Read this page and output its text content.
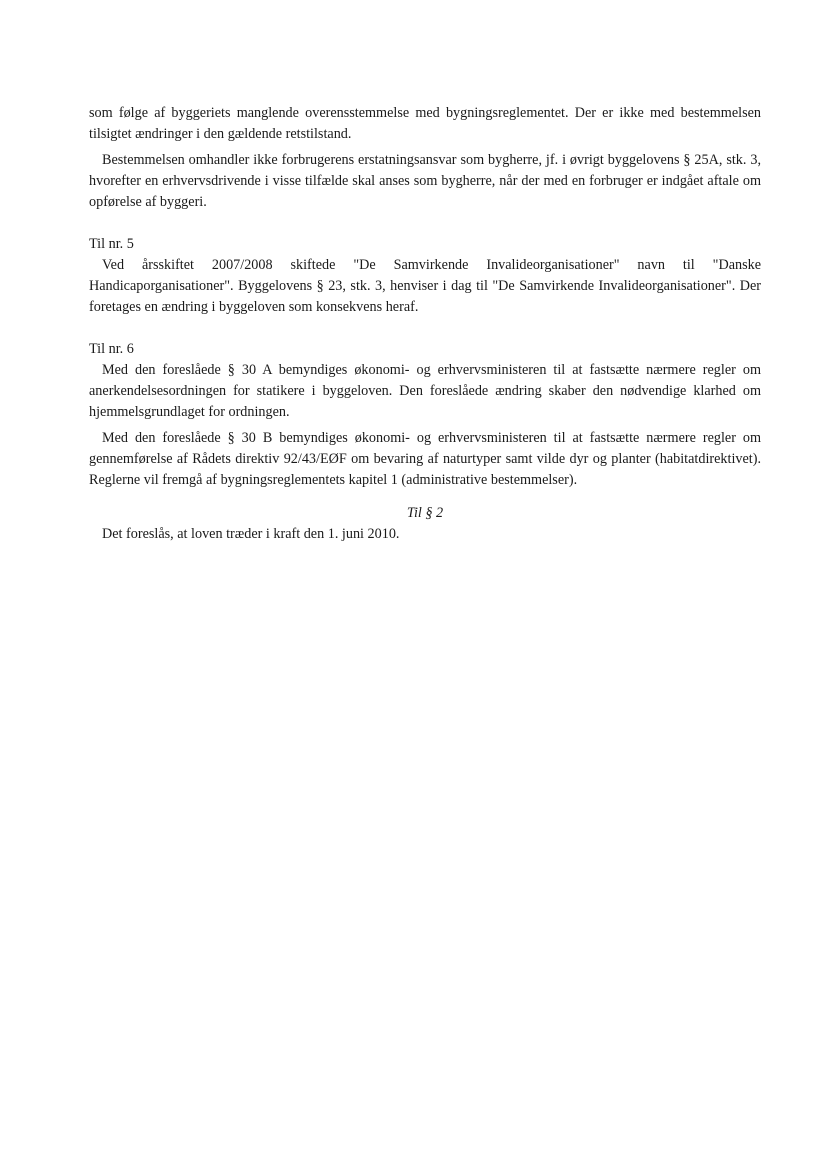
som følge af byggeriets manglende overensstemmelse med bygningsreglementet. Der er ikke med bestemmelsen tilsigtet ændringer i den gældende retstilstand.

Bestemmelsen omhandler ikke forbrugerens erstatningsansvar som bygherre, jf. i øvrigt byggelovens § 25A, stk. 3, hvorefter en erhvervsdrivende i visse tilfælde skal anses som bygherre, når der med en forbruger er indgået aftale om opførelse af byggeri.

Til nr. 5

Ved årsskiftet 2007/2008 skiftede "De Samvirkende Invalideorganisationer" navn til "Danske Handicaporganisationer". Byggelovens § 23, stk. 3, henviser i dag til "De Samvirkende Invalideorganisationer". Der foretages en ændring i byggeloven som konsekvens heraf.

Til nr. 6

Med den foreslåede § 30 A bemyndiges økonomi- og erhvervsministeren til at fastsætte nærmere regler om anerkendelsesordningen for statikere i byggeloven. Den foreslåede ændring skaber den nødvendige klarhed om hjemmelsgrundlaget for ordningen.

Med den foreslåede § 30 B bemyndiges økonomi- og erhvervsministeren til at fastsætte nærmere regler om gennemførelse af Rådets direktiv 92/43/EØF om bevaring af naturtyper samt vilde dyr og planter (habitatdirektivet). Reglerne vil fremgå af bygningsreglementets kapitel 1 (administrative bestemmelser).

Til § 2

Det foreslås, at loven træder i kraft den 1. juni 2010.
